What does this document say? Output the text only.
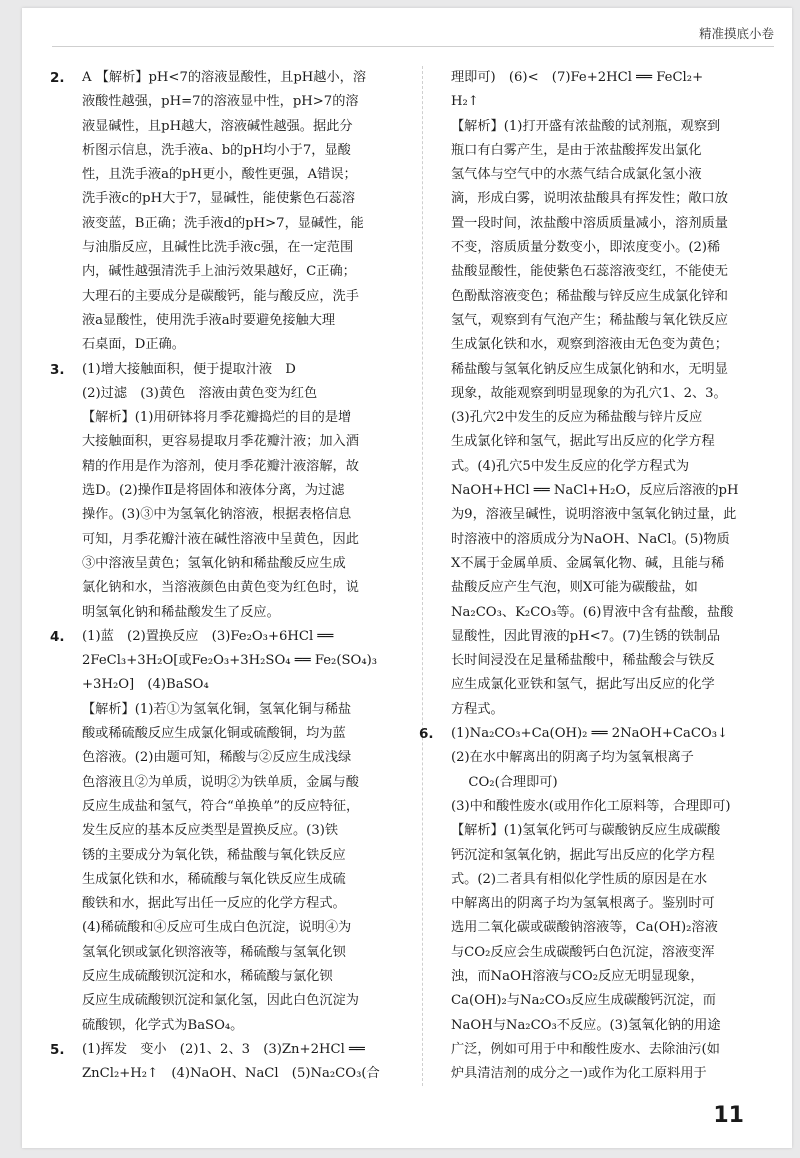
精准摸底小卷
2. A 【解析】pH<7的溶液显酸性，且pH越小，溶
液酸性越强，pH=7的溶液显中性，pH>7的溶
液显碱性，且pH越大，溶液碱性越强。据此分
析图示信息，洗手液a、b的pH均小于7，显酸
性，且洗手液a的pH更小，酸性更强，A错误；
洗手液c的pH大于7，显碱性，能使紫色石蕊溶
液变蓝，B正确；洗手液d的pH>7，显碱性，能
与油脂反应，且碱性比洗手液c强，在一定范围
内，碱性越强清洗手上油污效果越好，C正确；
大理石的主要成分是碳酸钙，能与酸反应，洗手
液a显酸性，使用洗手液a时要避免接触大理
石桌面，D正确。
3. (1)增大接触面积，便于提取汁液　D
(2)过滤　(3)黄色　溶液由黄色变为红色
【解析】(1)用研钵将月季花瓣捣烂的目的是增
大接触面积，更容易提取月季花瓣汁液；加入酒
精的作用是作为溶剂，使月季花瓣汁液溶解，故
选D。(2)操作Ⅱ是将固体和液体分离，为过滤
操作。(3)③中为氢氧化钠溶液，根据表格信息
可知，月季花瓣汁液在碱性溶液中呈黄色，因此
③中溶液呈黄色；氢氧化钠和稀盐酸反应生成
氯化钠和水，当溶液颜色由黄色变为红色时，说
明氢氧化钠和稀盐酸发生了反应。
4. (1)蓝　(2)置换反应　(3)Fe₂O₃+6HCl ══
2FeCl₃+3H₂O[或Fe₂O₃+3H₂SO₄ ══ Fe₂(SO₄)₃
+3H₂O]　(4)BaSO₄
【解析】(1)若①为氢氧化铜，氢氧化铜与稀盐
酸或稀硫酸反应生成氯化铜或硫酸铜，均为蓝
色溶液。(2)由题可知，稀酸与②反应生成浅绿
色溶液且②为单质，说明②为铁单质，金属与酸
反应生成盐和氢气，符合“单换单”的反应特征，
发生反应的基本反应类型是置换反应。(3)铁
锈的主要成分为氧化铁，稀盐酸与氧化铁反应
生成氯化铁和水，稀硫酸与氧化铁反应生成硫
酸铁和水，据此写出任一反应的化学方程式。
(4)稀硫酸和④反应可生成白色沉淀，说明④为
氢氧化钡或氯化钡溶液等，稀硫酸与氢氧化钡
反应生成硫酸钡沉淀和水，稀硫酸与氯化钡
反应生成硫酸钡沉淀和氯化氢，因此白色沉淀为
硫酸钡，化学式为BaSO₄。
5. (1)挥发　变小　(2)1、2、3　(3)Zn+2HCl ══
ZnCl₂+H₂↑　(4)NaOH、NaCl　(5)Na₂CO₃(合
理即可)　(6)<　(7)Fe+2HCl ══ FeCl₂+
H₂↑
【解析】(1)打开盛有浓盐酸的试剂瓶，观察到
瓶口有白雾产生，是由于浓盐酸挥发出氯化
氢气体与空气中的水蒸气结合成氯化氢小液
滴，形成白雾，说明浓盐酸具有挥发性；敞口放
置一段时间，浓盐酸中溶质质量减小，溶剂质量
不变，溶质质量分数变小，即浓度变小。(2)稀
盐酸显酸性，能使紫色石蕊溶液变红，不能使无
色酚酞溶液变色；稀盐酸与锌反应生成氯化锌和
氢气，观察到有气泡产生；稀盐酸与氧化铁反应
生成氯化铁和水，观察到溶液由无色变为黄色；
稀盐酸与氢氧化钠反应生成氯化钠和水，无明显
现象，故能观察到明显现象的为孔穴1、2、3。
(3)孔穴2中发生的反应为稀盐酸与锌片反应
生成氯化锌和氢气，据此写出反应的化学方程
式。(4)孔穴5中发生反应的化学方程式为
NaOH+HCl ══ NaCl+H₂O，反应后溶液的pH
为9，溶液呈碱性，说明溶液中氢氧化钠过量，此
时溶液中的溶质成分为NaOH、NaCl。(5)物质
X不属于金属单质、金属氧化物、碱，且能与稀
盐酸反应产生气泡，则X可能为碳酸盐，如
Na₂CO₃、K₂CO₃等。(6)胃液中含有盐酸，盐酸
显酸性，因此胃液的pH<7。(7)生锈的铁制品
长时间浸没在足量稀盐酸中，稀盐酸会与铁反
应生成氯化亚铁和氢气，据此写出反应的化学
方程式。
6. (1)Na₂CO₃+Ca(OH)₂ ══ 2NaOH+CaCO₃↓
(2)在水中解离出的阴离子均为氢氧根离子
　 CO₂(合理即可)
(3)中和酸性废水(或用作化工原料等，合理即可)
【解析】(1)氢氧化钙可与碳酸钠反应生成碳酸
钙沉淀和氢氧化钠，据此写出反应的化学方程
式。(2)二者具有相似化学性质的原因是在水
中解离出的阴离子均为氢氧根离子。鉴别时可
选用二氧化碳或碳酸钠溶液等，Ca(OH)₂溶液
与CO₂反应会生成碳酸钙白色沉淀，溶液变浑
浊，而NaOH溶液与CO₂反应无明显现象，
Ca(OH)₂与Na₂CO₃反应生成碳酸钙沉淀，而
NaOH与Na₂CO₃不反应。(3)氢氧化钠的用途
广泛，例如可用于中和酸性废水、去除油污(如
炉具清洁剂的成分之一)或作为化工原料用于
11
